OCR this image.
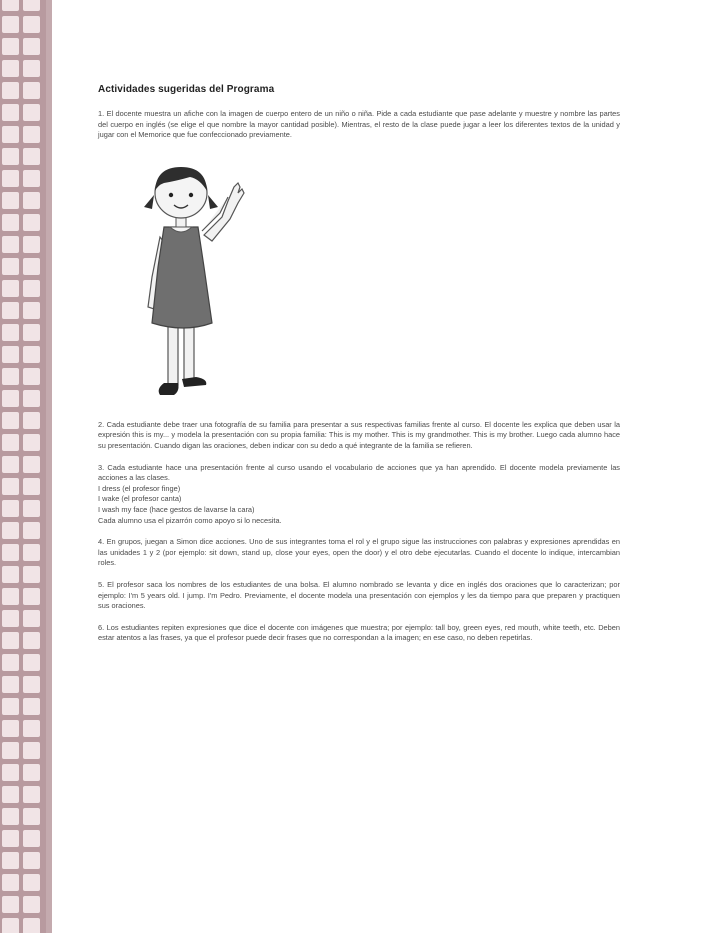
Actividades sugeridas del Programa

1. El docente muestra un afiche con la imagen de cuerpo entero de un niño o niña. Pide a cada estudiante que pase adelante y muestre y nombre las partes del cuerpo en inglés (se elige el que nombre la mayor cantidad posible). Mientras, el resto de la clase puede jugar a leer los diferentes textos de la unidad y jugar con el Memorice que fue confeccionado previamente.

2. Cada estudiante debe traer una fotografía de su familia para presentar a sus respectivas familias frente al curso. El docente les explica que deben usar la expresión this is my... y modela la presentación con su propia familia: This is my mother. This is my grandmother. This is my brother. Luego cada alumno hace su presentación. Cuando digan las oraciones, deben indicar con su dedo a qué integrante de la familia se refieren.

3. Cada estudiante hace una presentación frente al curso usando el vocabulario de acciones que ya han aprendido. El docente modela previamente las acciones a las clases.
I dress (el profesor finge)
I wake (el profesor canta)
I wash my face (hace gestos de lavarse la cara)
Cada alumno usa el pizarrón como apoyo si lo necesita.

4. En grupos, juegan a Simon dice acciones. Uno de sus integrantes toma el rol y el grupo sigue las instrucciones con palabras y expresiones aprendidas en las unidades 1 y 2 (por ejemplo: sit down, stand up, close your eyes, open the door) y el otro debe ejecutarlas. Cuando el docente lo indique, intercambian roles.

5. El profesor saca los nombres de los estudiantes de una bolsa. El alumno nombrado se levanta y dice en inglés dos oraciones que lo caracterizan; por ejemplo: I'm 5 years old. I jump. I'm Pedro. Previamente, el docente modela una presentación con ejemplos y les da tiempo para que preparen y practiquen sus oraciones.

6. Los estudiantes repiten expresiones que dice el docente con imágenes que muestra; por ejemplo: tall boy, green eyes, red mouth, white teeth, etc. Deben estar atentos a las frases, ya que el profesor puede decir frases que no correspondan a la imagen; en ese caso, no deben repetirlas.
